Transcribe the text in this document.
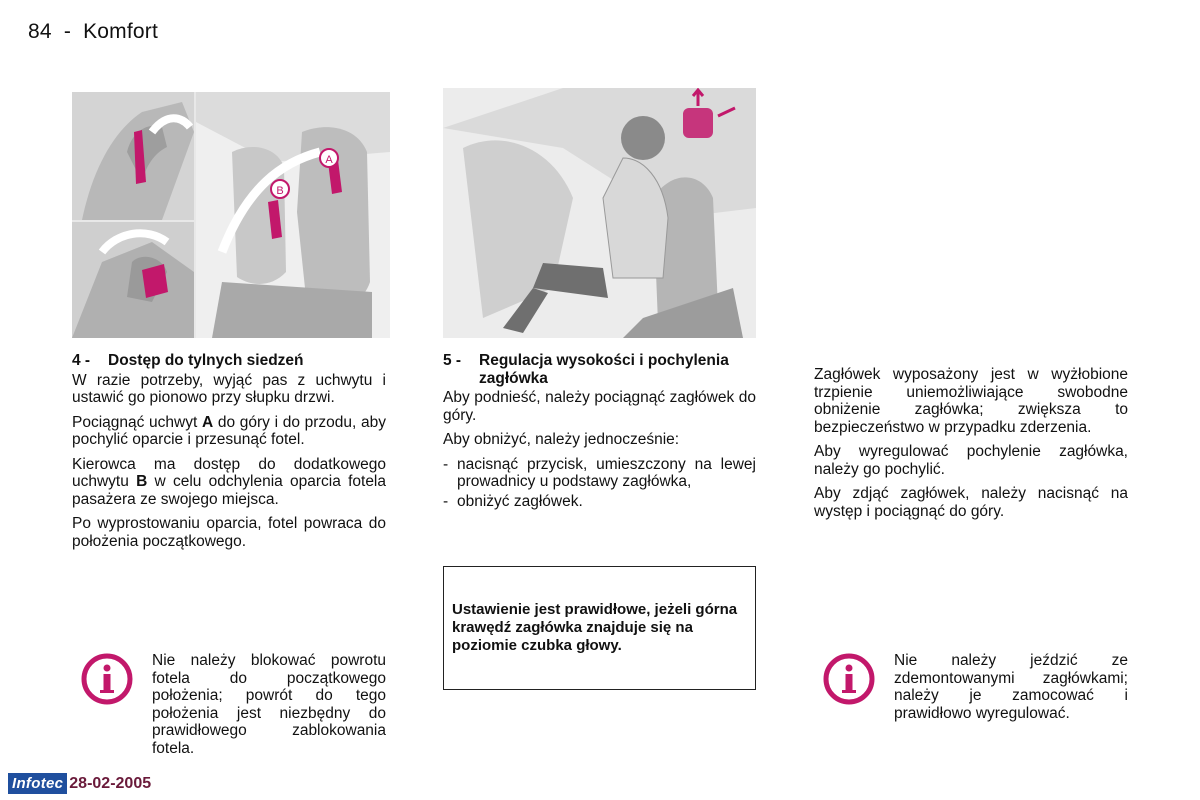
84 - Komfort
A
B
4 -	Dostęp do tylnych siedzeń

W razie potrzeby, wyjąć pas z uchwytu i ustawić go pionowo przy słupku drzwi.

Pociągnąć uchwyt A do góry i do przodu, aby pochylić oparcie i przesunąć fotel.

Kierowca ma dostęp do dodatkowego uchwytu B w celu odchylenia oparcia fotela pasażera ze swojego miejsca.

Po wyprostowaniu oparcia, fotel powraca do położenia początkowego.

5 -	Regulacja wysokości i pochylenia zagłówka

Aby podnieść, należy pociągnąć zagłówek do góry.

Aby obniżyć, należy jednocześnie:

- nacisnąć przycisk, umieszczony na lewej prowadnicy u podstawy zagłówka,
- obniżyć zagłówek.
Ustawienie jest prawidłowe, jeżeli górna krawędź zagłówka znajduje się na poziomie czubka głowy.

Zagłówek wyposażony jest w wyżłobione trzpienie uniemożliwiające swobodne obniżenie zagłówka; zwiększa to bezpieczeństwo w przypadku zderzenia.

Aby wyregulować pochylenie zagłówka, należy go pochylić.

Aby zdjąć zagłówek, należy nacisnąć na występ i pociągnąć do góry.

Nie należy blokować powrotu fotela do początkowego położenia; powrót do tego położenia jest niezbędny do prawidłowego zablokowania fotela.
Nie należy jeździć ze zdemontowanymi zagłówkami; należy je zamocować i prawidłowo wyregulować.
Infotec 28-02-2005
